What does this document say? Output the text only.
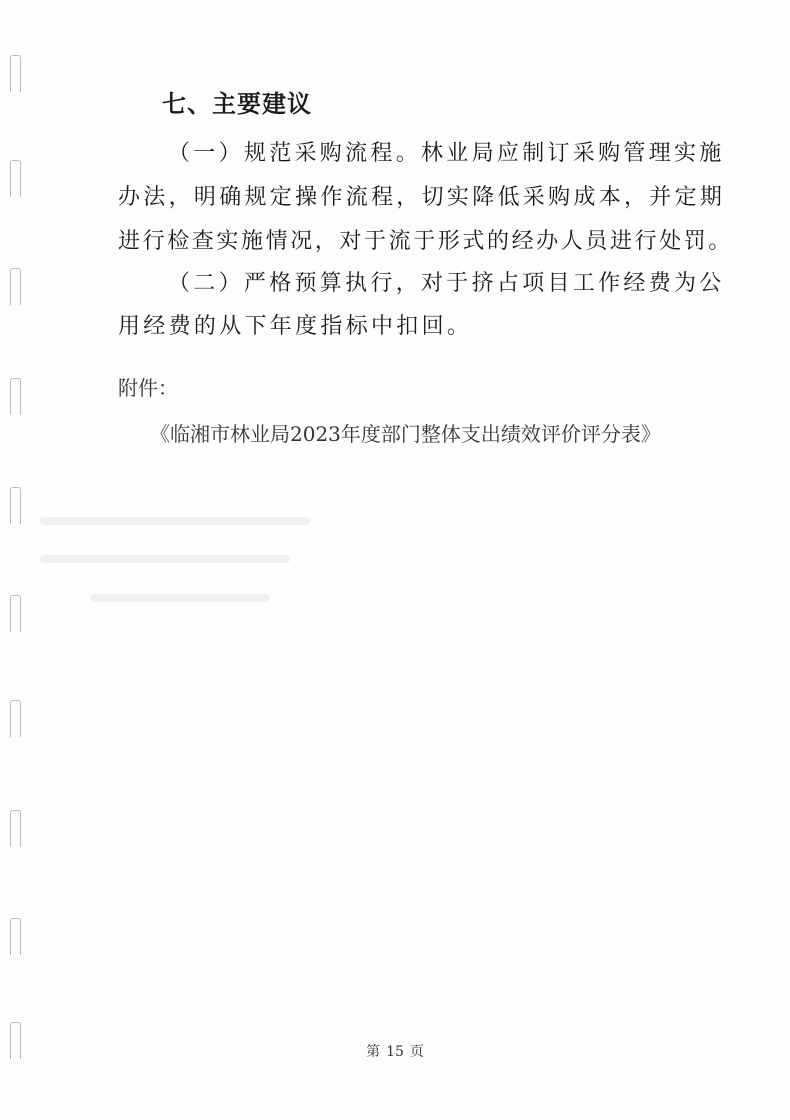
七、主要建议
（一）规范采购流程。林业局应制订采购管理实施
办法，明确规定操作流程，切实降低采购成本，并定期
进行检查实施情况，对于流于形式的经办人员进行处罚。
（二）严格预算执行，对于挤占项目工作经费为公
用经费的从下年度指标中扣回。
附件：
《临湘市林业局2023年度部门整体支出绩效评价评分表》
第 15 页
